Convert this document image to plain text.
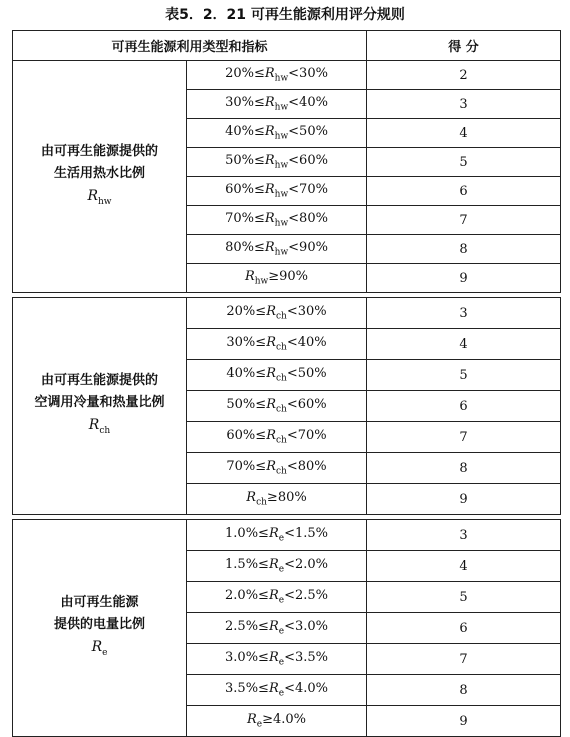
表5．2．21 可再生能源利用评分规则
可再生能源利用类型和指标		得 分

由可再生能源提供的
生活用热水比例
$R_{hw}$	$20\%\le R_{hw}<30\%$	2
	$30\%\le R_{hw}<40\%$	3
	$40\%\le R_{hw}<50\%$	4
	$50\%\le R_{hw}<60\%$	5
	$60\%\le R_{hw}<70\%$	6
	$70\%\le R_{hw}<80\%$	7
	$80\%\le R_{hw}<90\%$	8
	$R_{hw}\ge 90\%$	9

由可再生能源提供的
空调用冷量和热量比例
$R_{ch}$	$20\%\le R_{ch}<30\%$	3
	$30\%\le R_{ch}<40\%$	4
	$40\%\le R_{ch}<50\%$	5
	$50\%\le R_{ch}<60\%$	6
	$60\%\le R_{ch}<70\%$	7
	$70\%\le R_{ch}<80\%$	8
	$R_{ch}\ge 80\%$	9

由可再生能源
提供的电量比例
$R_e$	$1.0\%\le R_e<1.5\%$	3
	$1.5\%\le R_e<2.0\%$	4
	$2.0\%\le R_e<2.5\%$	5
	$2.5\%\le R_e<3.0\%$	6
	$3.0\%\le R_e<3.5\%$	7
	$3.5\%\le R_e<4.0\%$	8
	$R_e\ge 4.0\%$	9
